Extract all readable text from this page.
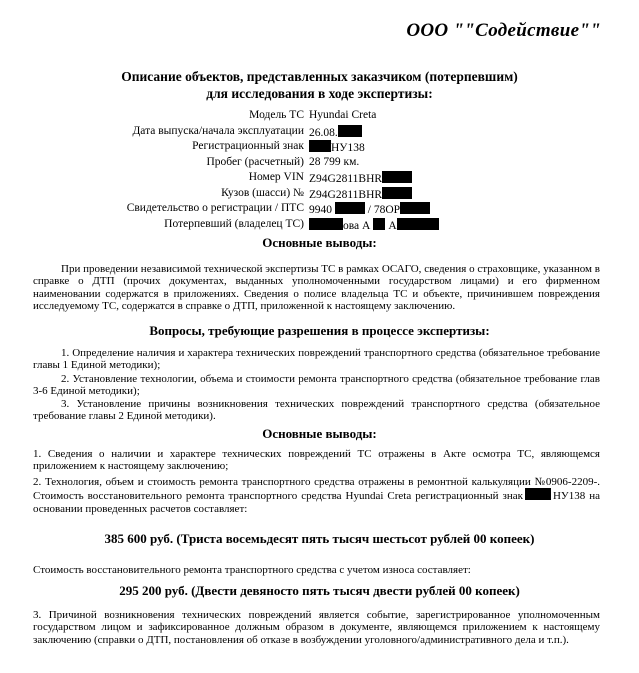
ООО ""Содействие""
Описание объектов, представленных заказчиком (потерпевшим)
для исследования в ходе экспертизы:
Модель ТС Hyundai Creta
Дата выпуска/начала эксплуатации 26.08.
Регистрационный знак	НУ138
Пробег (расчетный) 28 799 км.
Номер VIN Z94G2811BHR
Кузов (шасси) № Z94G2811BHR
Свидетельство о регистрации / ПТС 9940	/ 78ОР
Потерпевший (владелец ТС)	ова А А
Основные выводы:
При проведении независимой технической экспертизы ТС в рамках ОСАГО, сведения о страховщике, указанном в справке о ДТП (прочих документах, выданных уполномоченными государством лицами) и его фирменном наименовании содержатся в приложениях. Сведения о полисе владельца ТС и объекте, причинившем повреждения исследуемому ТС, содержатся в справке о ДТП, приложенной к настоящему заключению.
Вопросы, требующие разрешения в процессе экспертизы:
1. Определение наличия и характера технических повреждений транспортного средства (обязательное требование главы 1 Единой методики);
2. Установление технологии, объема и стоимости ремонта транспортного средства (обязательное требование глав 3-6 Единой методики);
3. Установление причины возникновения технических повреждений транспортного средства (обязательное требование главы 2 Единой методики).
Основные выводы:
1. Сведения о наличии и характере технических повреждений ТС отражены в Акте осмотра ТС, являющемся приложением к настоящему заключению;
2. Технология, объем и стоимость ремонта транспортного средства отражены в ремонтной калькуляции №0906-2209-. Стоимость восстановительного ремонта транспортного средства Hyundai Creta регистрационный знак	НУ138 на основании проведенных расчетов составляет:
385 600 руб. (Триста восемьдесят пять тысяч шестьсот рублей 00 копеек)
Стоимость восстановительного ремонта транспортного средства с учетом износа составляет:
295 200 руб. (Двести девяносто пять тысяч двести рублей 00 копеек)
3. Причиной возникновения технических повреждений является событие, зарегистрированное уполномоченным государством лицом и зафиксированное должным образом в документе, являющемся приложением к настоящему заключению (справки о ДТП, постановления об отказе в возбуждении уголовного/административного дела и т.п.).
